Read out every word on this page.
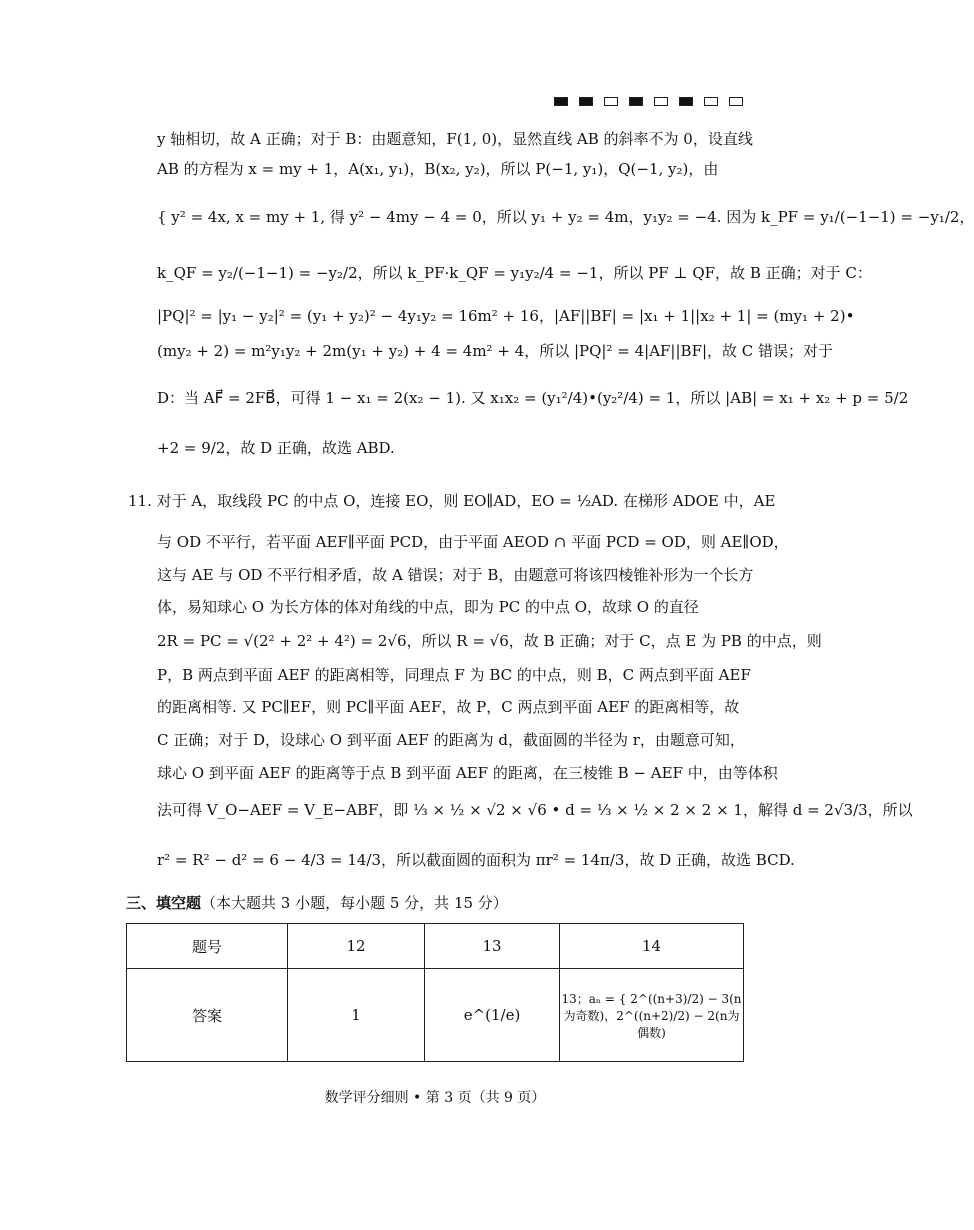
y 轴相切，故 A 正确；对于 B：由题意知，F(1, 0)，显然直线 AB 的斜率不为 0，设直线
AB 的方程为 x = my + 1，A(x₁, y₁)，B(x₂, y₂)，所以 P(−1, y₁)，Q(−1, y₂)，由
{ y² = 4x, x = my + 1, 得 y² − 4my − 4 = 0，所以 y₁ + y₂ = 4m，y₁y₂ = −4. 因为 k_PF = y₁/(−1−1) = −y₁/2，
k_QF = y₂/(−1−1) = −y₂/2，所以 k_PF·k_QF = y₁y₂/4 = −1，所以 PF ⊥ QF，故 B 正确；对于 C：
|PQ|² = |y₁ − y₂|² = (y₁ + y₂)² − 4y₁y₂ = 16m² + 16，|AF||BF| = |x₁ + 1||x₂ + 1| = (my₁ + 2)•
(my₂ + 2) = m²y₁y₂ + 2m(y₁ + y₂) + 4 = 4m² + 4，所以 |PQ|² = 4|AF||BF|，故 C 错误；对于
D：当 AF⃗ = 2FB⃗，可得 1 − x₁ = 2(x₂ − 1). 又 x₁x₂ = (y₁²/4)•(y₂²/4) = 1，所以 |AB| = x₁ + x₂ + p = 5/2
+2 = 9/2，故 D 正确，故选 ABD.
11. 对于 A，取线段 PC 的中点 O，连接 EO，则 EO∥AD，EO = ½AD. 在梯形 ADOE 中，AE
与 OD 不平行，若平面 AEF∥平面 PCD，由于平面 AEOD ∩ 平面 PCD = OD，则 AE∥OD，
这与 AE 与 OD 不平行相矛盾，故 A 错误；对于 B，由题意可将该四棱锥补形为一个长方
体，易知球心 O 为长方体的体对角线的中点，即为 PC 的中点 O，故球 O 的直径
2R = PC = √(2² + 2² + 4²) = 2√6，所以 R = √6，故 B 正确；对于 C，点 E 为 PB 的中点，则
P，B 两点到平面 AEF 的距离相等，同理点 F 为 BC 的中点，则 B，C 两点到平面 AEF
的距离相等. 又 PC∥EF，则 PC∥平面 AEF，故 P，C 两点到平面 AEF 的距离相等，故
C 正确；对于 D，设球心 O 到平面 AEF 的距离为 d，截面圆的半径为 r，由题意可知，
球心 O 到平面 AEF 的距离等于点 B 到平面 AEF 的距离，在三棱锥 B − AEF 中，由等体积
法可得 V_O−AEF = V_E−ABF，即 ⅓ × ½ × √2 × √6 • d = ⅓ × ½ × 2 × 2 × 1，解得 d = 2√3/3，所以
r² = R² − d² = 6 − 4/3 = 14/3，所以截面圆的面积为 πr² = 14π/3，故 D 正确，故选 BCD.
三、填空题（本大题共 3 小题，每小题 5 分，共 15 分）
题号	12	13	14
答案	1	e^(1/e)	13；aₙ = { 2^((n+3)/2) − 3(n为奇数)，2^((n+2)/2) − 2(n为偶数)
数学评分细则 • 第 3 页（共 9 页）
